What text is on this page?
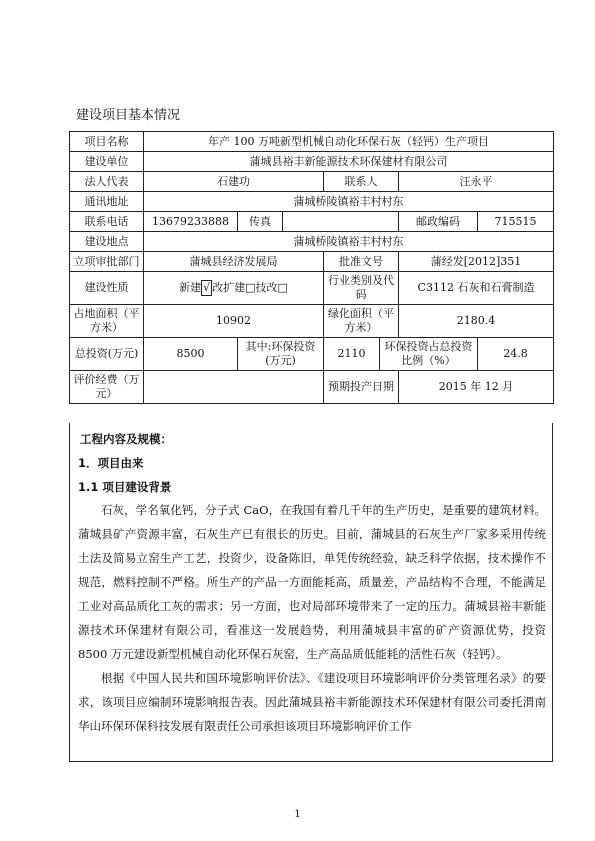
建设项目基本情况
项目名称	年产 100 万吨新型机械自动化环保石灰（轻钙）生产项目						
建设单位	蒲城县裕丰新能源技术环保建材有限公司						
法人代表	石建功			联系人		汪永平	
通讯地址	蒲城桥陵镇裕丰村村东						
联系电话	13679233888	传真				邮政编码	715515
建设地点	蒲城桥陵镇裕丰村村东						
立项审批部门	蒲城县经济发展局			批准文号		蒲经发[2012]351	
建设性质	新建 √ 改扩建□技改□			行业类别及代码		C3112 石灰和石膏制造	
占地面积（平方米）	10902			绿化面积（平方米）		2180.4	
总投资(万元)	8500	其中:环保投资(万元)		2110	环保投资占总投资比例（%）		24.8
评价经费（万元）				预期投产日期		2015 年 12 月	
工程内容及规模：
1．项目由来
1.1 项目建设背景

石灰，学名氧化钙，分子式 CaO，在我国有着几千年的生产历史，是重要的建筑材料。蒲城县矿产资源丰富，石灰生产已有很长的历史。目前，蒲城县的石灰生产厂家多采用传统土法及简易立窑生产工艺，投资少，设备陈旧，单凭传统经验，缺乏科学依据，技术操作不规范，燃料控制不严格。所生产的产品一方面能耗高，质量差，产品结构不合理，不能满足工业对高品质化工灰的需求；另一方面，也对局部环境带来了一定的压力。蒲城县裕丰新能源技术环保建材有限公司，看准这一发展趋势，利用蒲城县丰富的矿产资源优势，投资 8500 万元建设新型机械自动化环保石灰窑，生产高品质低能耗的活性石灰（轻钙）。

根据《中国人民共和国环境影响评价法》、《建设项目环境影响评价分类管理名录》的要求，该项目应编制环境影响报告表。因此蒲城县裕丰新能源技术环保建材有限公司委托渭南华山环保环保科技发展有限责任公司承担该项目环境影响评价工作

1
